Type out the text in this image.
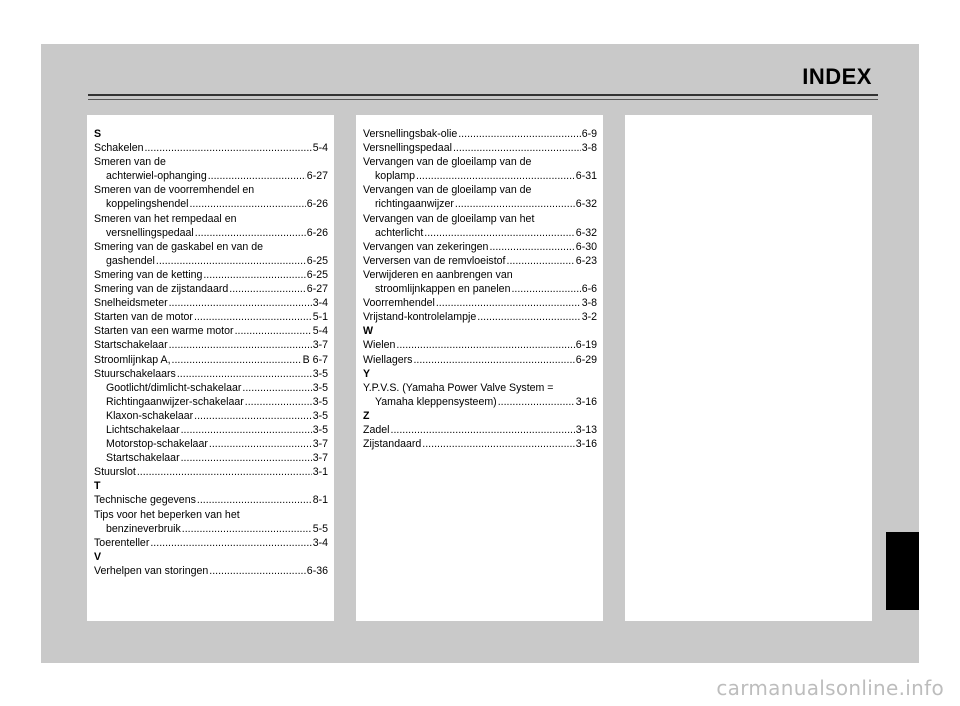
INDEX
S
Schakelen .....	5-4
Smeren van de
achterwiel-ophanging .....	6-27
Smeren van de voorremhendel en
koppelingshendel .....	6-26
Smeren van het rempedaal en
versnellingspedaal .....	6-26
Smering van de gaskabel en van de
gashendel .....	6-25
Smering van de ketting .....	6-25
Smering van de zijstandaard .....	6-27
Snelheidsmeter .....	3-4
Starten van de motor .....	5-1
Starten van een warme motor .....	5-4
Startschakelaar .....	3-7
Stroomlijnkap A, .....	B 6-7
Stuurschakelaars .....	3-5
Gootlicht/dimlicht-schakelaar .....	3-5
Richtingaanwijzer-schakelaar .....	3-5
Klaxon-schakelaar .....	3-5
Lichtschakelaar .....	3-5
Motorstop-schakelaar .....	3-7
Startschakelaar .....	3-7
Stuurslot .....	3-1
T
Technische gegevens .....	8-1
Tips voor het beperken van het
benzineverbruik .....	5-5
Toerenteller .....	3-4
V
Verhelpen van storingen .....	6-36
Versnellingsbak-olie .....	6-9
Versnellingspedaal .....	3-8
Vervangen van de gloeilamp van de
koplamp .....	6-31
Vervangen van de gloeilamp van de
richtingaanwijzer .....	6-32
Vervangen van de gloeilamp van het
achterlicht .....	6-32
Vervangen van zekeringen .....	6-30
Verversen van de remvloeistof .....	6-23
Verwijderen en aanbrengen van
stroomlijnkappen en panelen .....	6-6
Voorremhendel .....	3-8
Vrijstand-kontrolelampje .....	3-2
W
Wielen .....	6-19
Wiellagers .....	6-29
Y
Y.P.V.S. (Yamaha Power Valve System =
Yamaha kleppensysteem) .....	3-16
Z
Zadel .....	3-13
Zijstandaard .....	3-16
carmanualsonline.info
